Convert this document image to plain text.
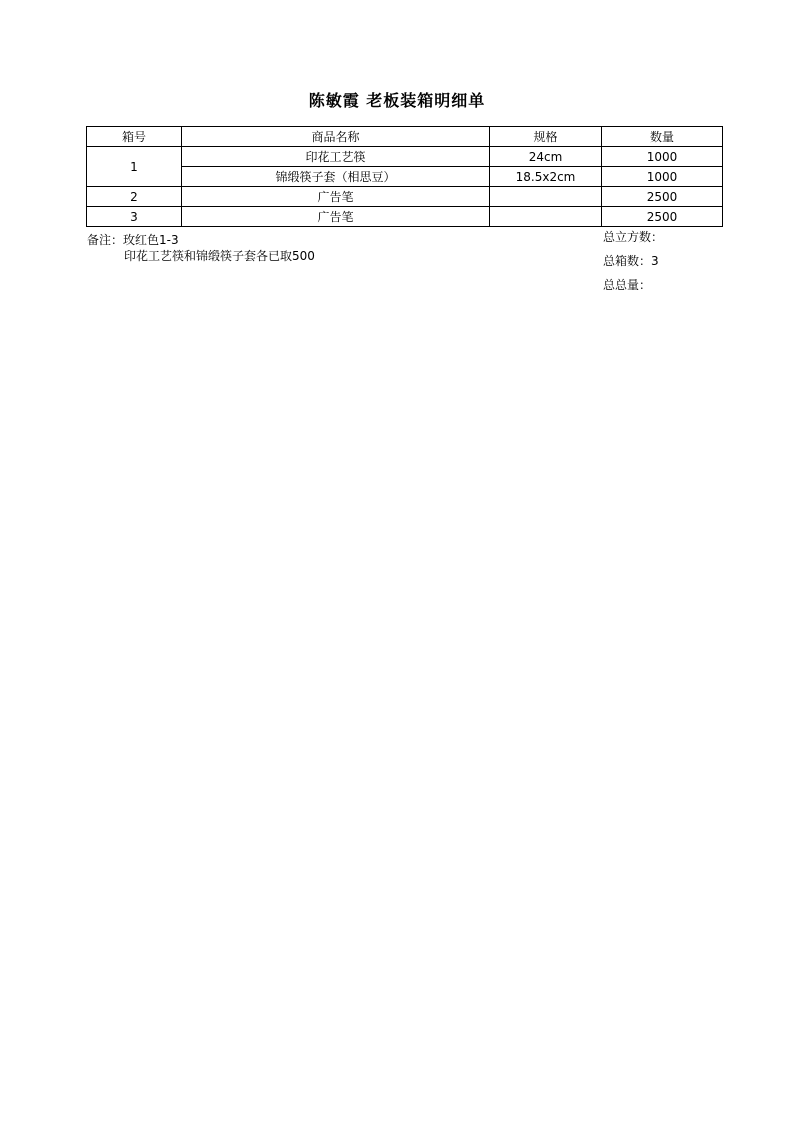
陈敏霞 老板装箱明细单
箱号	商品名称	规格	数量
1	印花工艺筷	24cm	1000
	锦缎筷子套（相思豆）	18.5x2cm	1000
2	广告笔		2500
3	广告笔		2500
备注：玫红色1-3
印花工艺筷和锦缎筷子套各已取500
总立方数：
总箱数：3
总总量：
